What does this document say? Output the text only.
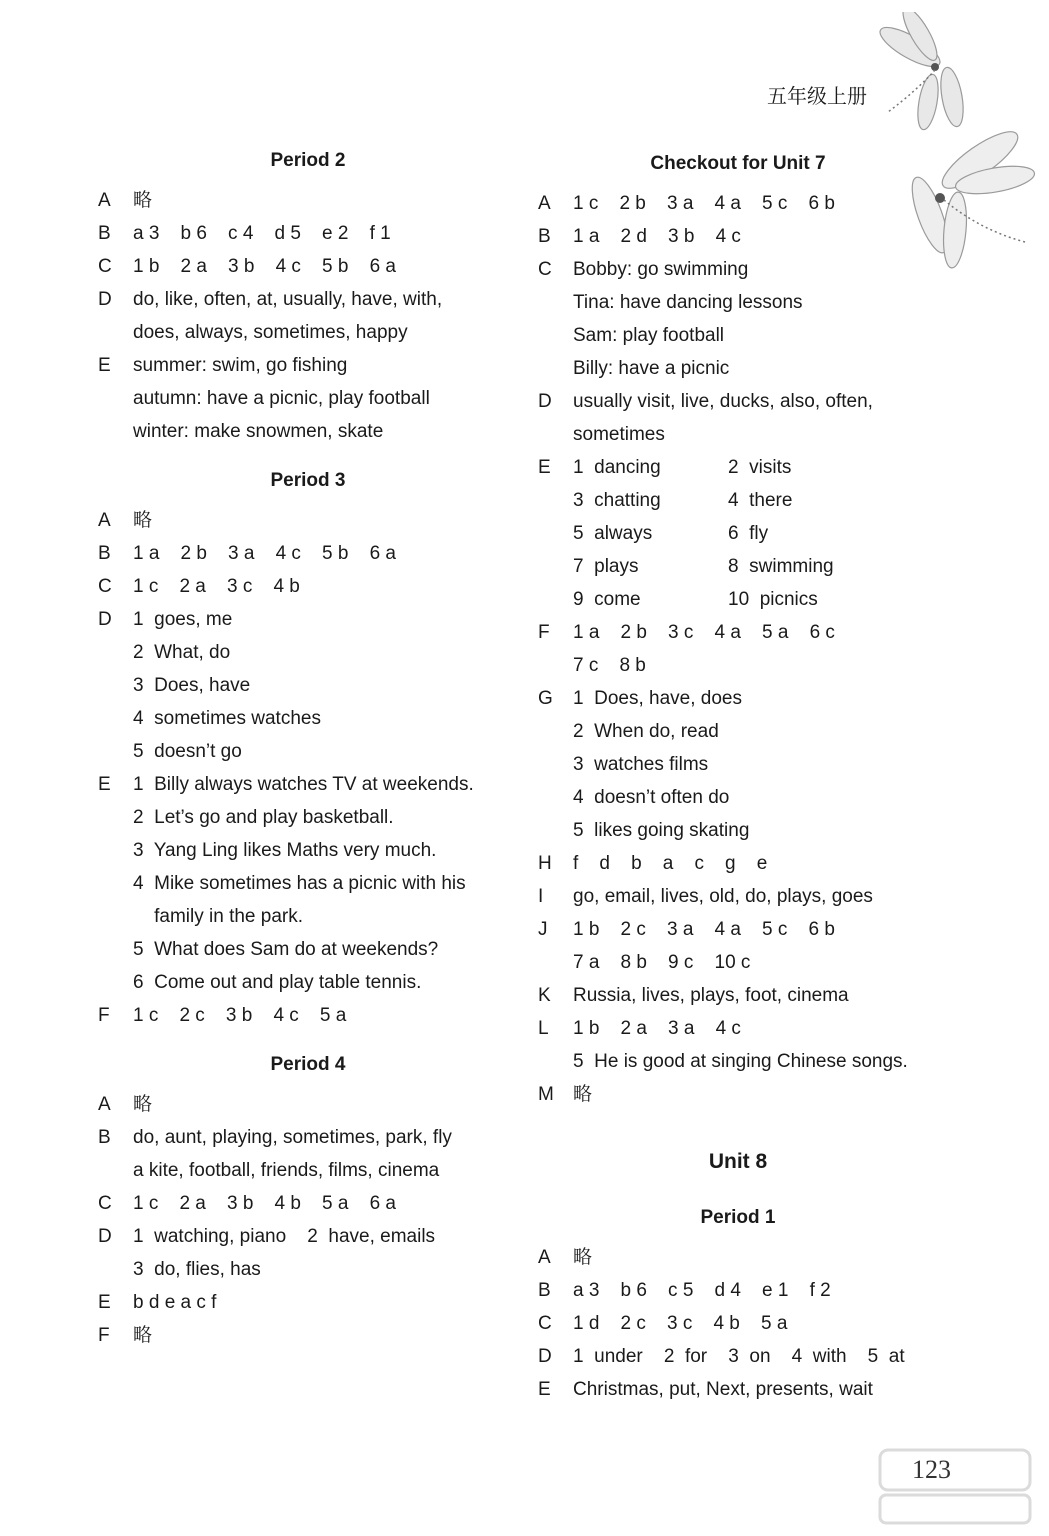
五年级上册
Period 2
A	略
B	a 3    b 6    c 4    d 5    e 2    f 1
C	1 b    2 a    3 b    4 c    5 b    6 a
D	do, like, often, at, usually, have, with,
does, always, sometimes, happy
E	summer: swim, go fishing
autumn: have a picnic, play football
winter: make snowmen, skate
Period 3
A	略
B	1 a    2 b    3 a    4 c    5 b    6 a
C	1 c    2 a    3 c    4 b
D	1  goes, me
2  What, do
3  Does, have
4  sometimes watches
5  doesn’t go
E	1  Billy always watches TV at weekends.
2  Let’s go and play basketball.
3  Yang Ling likes Maths very much.
4  Mike sometimes has a picnic with his
family in the park.
5  What does Sam do at weekends?
6  Come out and play table tennis.
F	1 c    2 c    3 b    4 c    5 a
Period 4
A	略
B	do, aunt, playing, sometimes, park, fly
a kite, football, friends, films, cinema
C	1 c    2 a    3 b    4 b    5 a    6 a
D	1  watching, piano    2  have, emails
3  do, flies, has
E	b d e a c f
F	略
Checkout for Unit 7
A	1 c    2 b    3 a    4 a    5 c    6 b
B	1 a    2 d    3 b    4 c
C	Bobby: go swimming
Tina: have dancing lessons
Sam: play football
Billy: have a picnic
D	usually visit, live, ducks, also, often,
sometimes
E	1  dancing	2  visits
3  chatting	4  there
5  always	6  fly
7  plays	8  swimming
9  come	10  picnics
F	1 a    2 b    3 c    4 a    5 a    6 c
7 c    8 b
G	1  Does, have, does
2  When do, read
3  watches films
4  doesn’t often do
5  likes going skating
H	f    d    b    a    c    g    e
I	go, email, lives, old, do, plays, goes
J	1 b    2 c    3 a    4 a    5 c    6 b
7 a    8 b    9 c    10 c
K	Russia, lives, plays, foot, cinema
L	1 b    2 a    3 a    4 c
5  He is good at singing Chinese songs.
M	略
Unit 8
Period 1
A	略
B	a 3    b 6    c 5    d 4    e 1    f 2
C	1 d    2 c    3 c    4 b    5 a
D	1  under    2  for    3  on    4  with    5  at
E	Christmas, put, Next, presents, wait
123
